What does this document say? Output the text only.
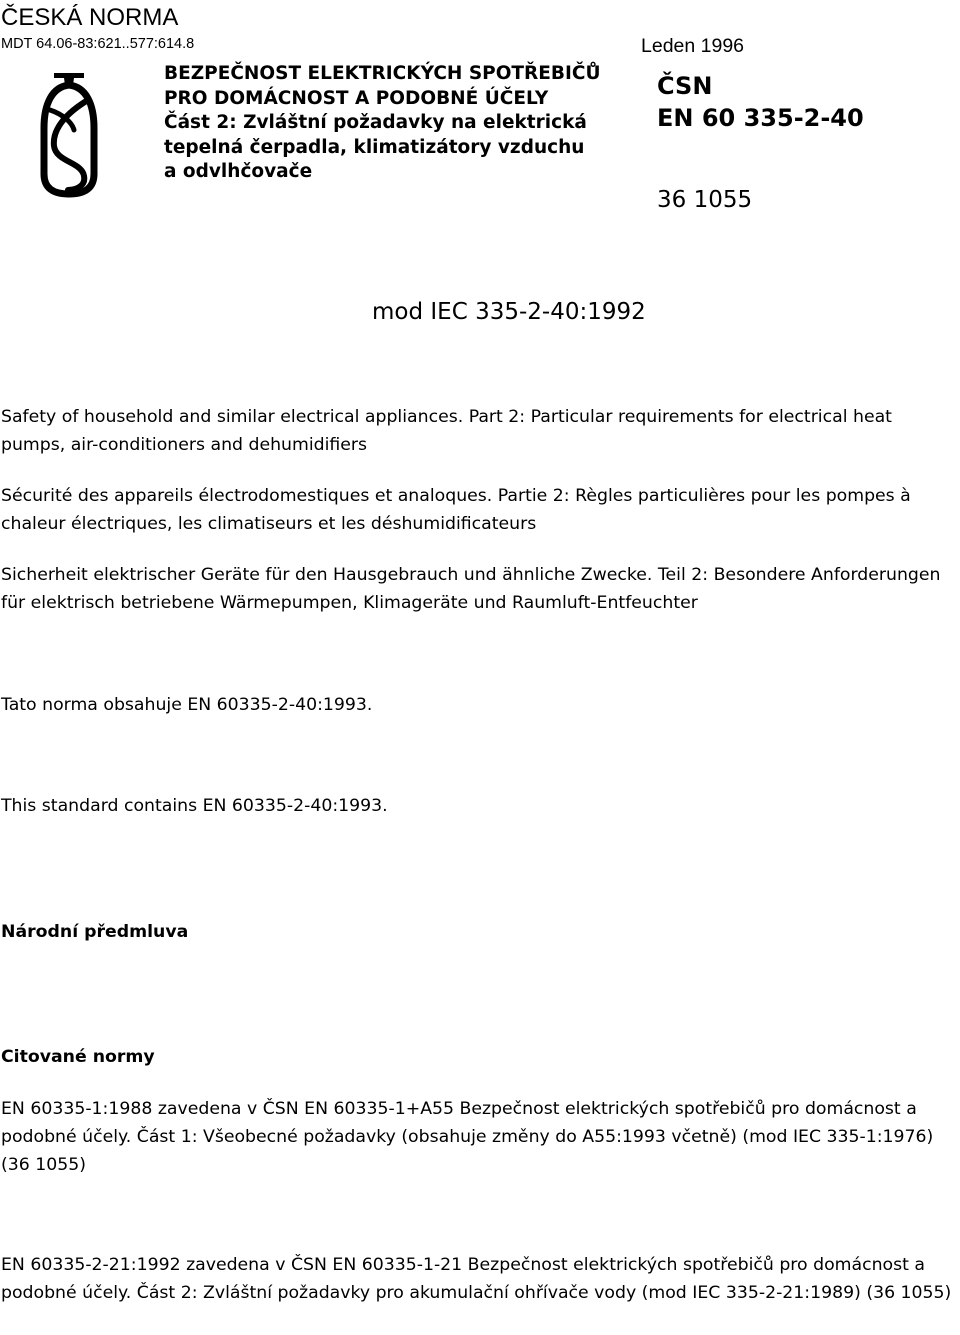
ČESKÁ NORMA
MDT 64.06-83:621..577:614.8
BEZPEČNOST ELEKTRICKÝCH SPOTŘEBIČŮ
PRO DOMÁCNOST A PODOBNÉ ÚČELY
Část 2: Zvláštní požadavky na elektrická
tepelná čerpadla, klimatizátory vzduchu
a odvlhčovače
Leden 1996
ČSN
EN 60 335-2-40
36 1055
mod IEC 335-2-40:1992
Safety of household and similar electrical appliances. Part 2: Particular requirements for electrical heat pumps, air-conditioners and dehumidifiers
Sécurité des appareils électrodomestiques et analoques. Partie 2: Règles particulières pour les pompes à chaleur électriques, les climatiseurs et les déshumidificateurs
Sicherheit elektrischer Geräte für den Hausgebrauch und ähnliche Zwecke. Teil 2: Besondere Anforderungen für elektrisch betriebene Wärmepumpen, Klimageräte und Raumluft-Entfeuchter
Tato norma obsahuje EN 60335-2-40:1993.
This standard contains EN 60335-2-40:1993.
Národní předmluva
Citované normy
EN 60335-1:1988 zavedena v ČSN EN 60335-1+A55 Bezpečnost elektrických spotřebičů pro domácnost a podobné účely. Část 1: Všeobecné požadavky (obsahuje změny do A55:1993 včetně) (mod IEC 335-1:1976) (36 1055)
EN 60335-2-21:1992 zavedena v ČSN EN 60335-1-21 Bezpečnost elektrických spotřebičů pro domácnost a podobné účely. Část 2: Zvláštní požadavky pro akumulační ohřívače vody (mod IEC 335-2-21:1989) (36 1055)
